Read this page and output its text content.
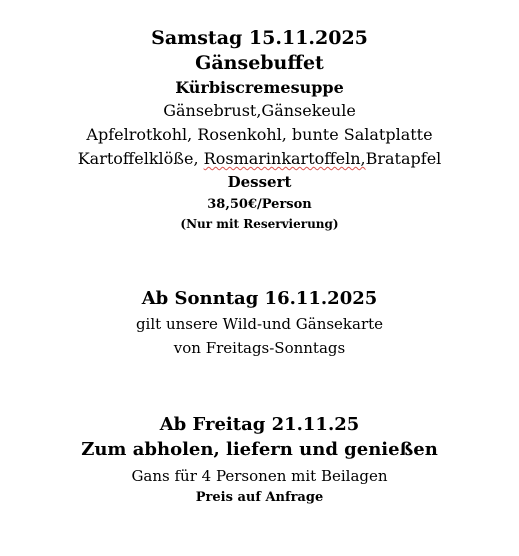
Samstag 15.11.2025
Gänsebuffet
Kürbiscremesuppe
Gänsebrust,Gänsekeule
Apfelrotkohl, Rosenkohl, bunte Salatplatte
Kartoffelklöße, Rosmarinkartoffeln,Bratapfel
Dessert
38,50€/Person
(Nur mit Reservierung)
Ab Sonntag 16.11.2025
gilt unsere Wild-und Gänsekarte
von Freitags-Sonntags
Ab Freitag 21.11.25
Zum abholen, liefern und genießen
Gans für 4 Personen mit Beilagen
Preis auf Anfrage
